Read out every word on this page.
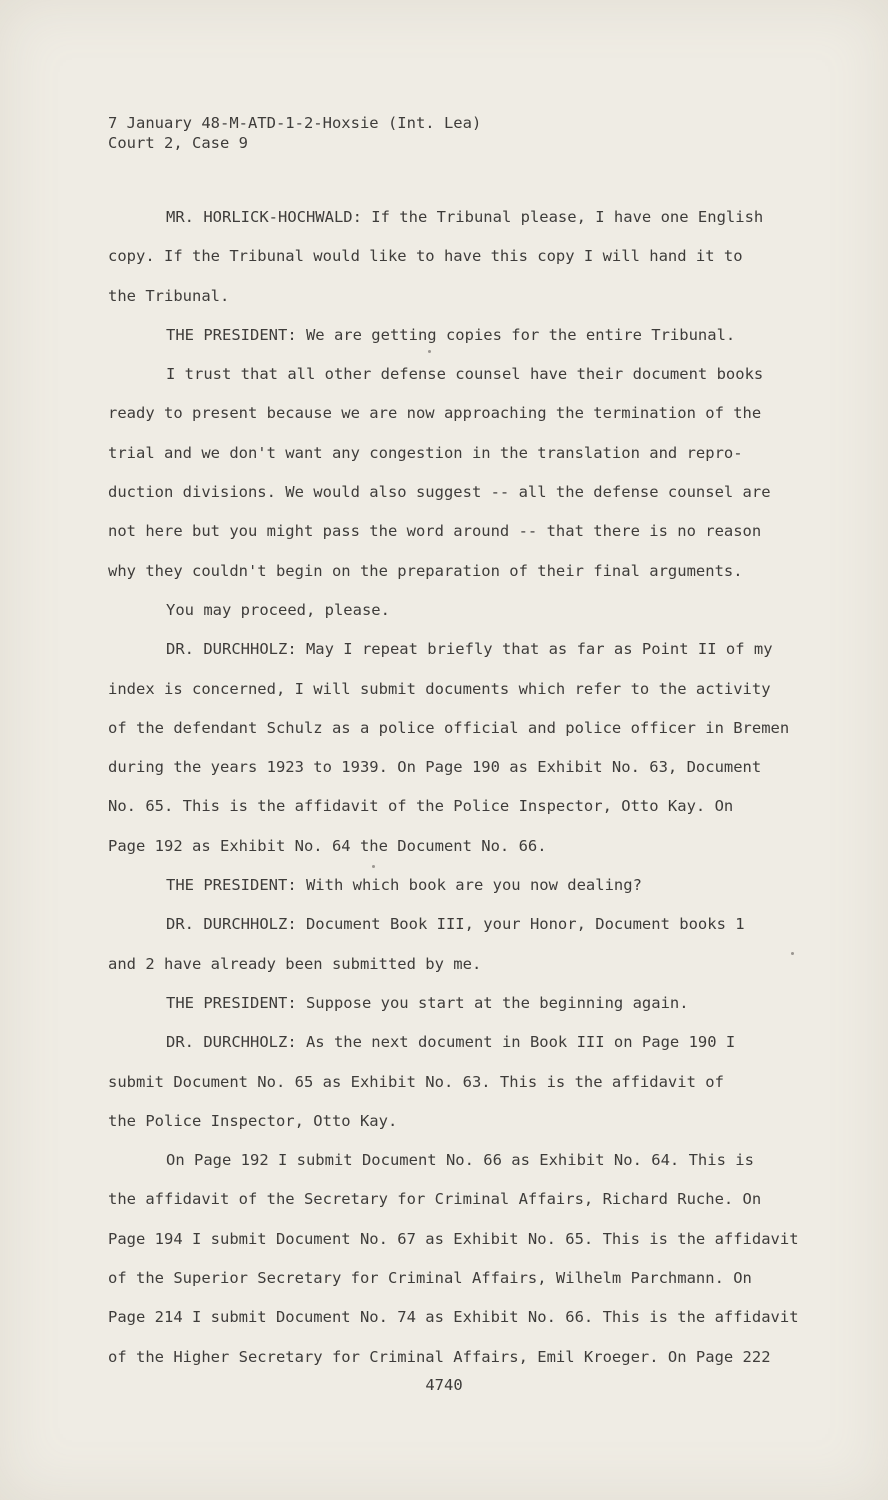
7 January 48-M-ATD-1-2-Hoxsie (Int. Lea)
Court 2, Case 9
MR. HORLICK-HOCHWALD: If the Tribunal please, I have one English
copy. If the Tribunal would like to have this copy I will hand it to
the Tribunal.
THE PRESIDENT: We are getting copies for the entire Tribunal.
I trust that all other defense counsel have their document books
ready to present because we are now approaching the termination of the
trial and we don't want any congestion in the translation and repro-
duction divisions. We would also suggest -- all the defense counsel are
not here but you might pass the word around -- that there is no reason
why they couldn't begin on the preparation of their final arguments.
You may proceed, please.
DR. DURCHHOLZ: May I repeat briefly that as far as Point II of my
index is concerned, I will submit documents which refer to the activity
of the defendant Schulz as a police official and police officer in Bremen
during the years 1923 to 1939. On Page 190 as Exhibit No. 63, Document
No. 65. This is the affidavit of the Police Inspector, Otto Kay. On
Page 192 as Exhibit No. 64 the Document No. 66.
THE PRESIDENT: With which book are you now dealing?
DR. DURCHHOLZ: Document Book III, your Honor, Document books 1
and 2 have already been submitted by me.
THE PRESIDENT: Suppose you start at the beginning again.
DR. DURCHHOLZ: As the next document in Book III on Page 190 I
submit Document No. 65 as Exhibit No. 63. This is the affidavit of
the Police Inspector, Otto Kay.
On Page 192 I submit Document No. 66 as Exhibit No. 64. This is
the affidavit of the Secretary for Criminal Affairs, Richard Ruche. On
Page 194 I submit Document No. 67 as Exhibit No. 65. This is the affidavit
of the Superior Secretary for Criminal Affairs, Wilhelm Parchmann. On
Page 214 I submit Document No. 74 as Exhibit No. 66. This is the affidavit
of the Higher Secretary for Criminal Affairs, Emil Kroeger. On Page 222
4740
